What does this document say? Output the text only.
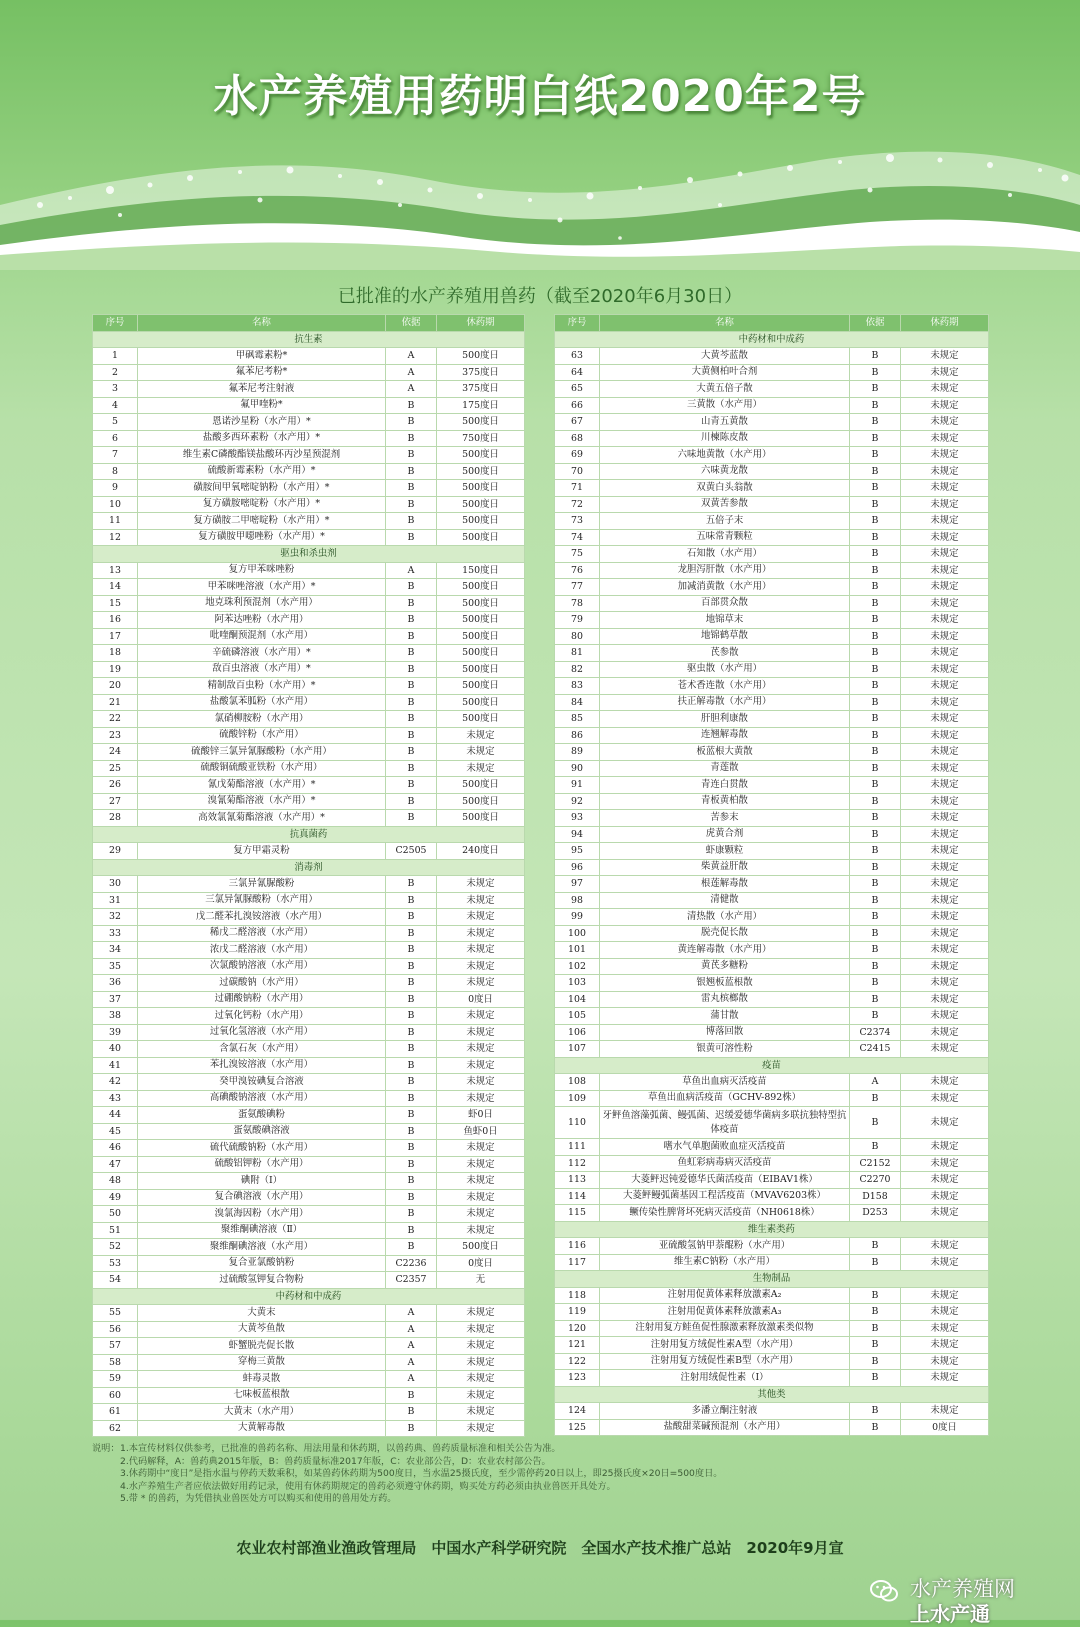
水产养殖用药明白纸2020年2号
已批准的水产养殖用兽药（截至2020年6月30日）
序号	名称	依据	休药期
抗生素			
1	甲砜霉素粉*	A	500度日
2	氟苯尼考粉*	A	375度日
3	氟苯尼考注射液	A	375度日
4	氟甲喹粉*	B	175度日
5	恩诺沙星粉（水产用）*	B	500度日
6	盐酸多西环素粉（水产用）*	B	750度日
7	维生素C磷酸酯镁盐酸环丙沙星预混剂	B	500度日
8	硫酸新霉素粉（水产用）*	B	500度日
9	磺胺间甲氧嘧啶钠粉（水产用）*	B	500度日
10	复方磺胺嘧啶粉（水产用）*	B	500度日
11	复方磺胺二甲嘧啶粉（水产用）*	B	500度日
12	复方磺胺甲噁唑粉（水产用）*	B	500度日
驱虫和杀虫剂			
13	复方甲苯咪唑粉	A	150度日
14	甲苯咪唑溶液（水产用）*	B	500度日
15	地克珠利预混剂（水产用）	B	500度日
16	阿苯达唑粉（水产用）	B	500度日
17	吡喹酮预混剂（水产用）	B	500度日
18	辛硫磷溶液（水产用）*	B	500度日
19	敌百虫溶液（水产用）*	B	500度日
20	精制敌百虫粉（水产用）*	B	500度日
21	盐酸氯苯胍粉（水产用）	B	500度日
22	氯硝柳胺粉（水产用）	B	500度日
23	硫酸锌粉（水产用）	B	未规定
24	硫酸锌三氯异氰脲酸粉（水产用）	B	未规定
25	硫酸铜硫酸亚铁粉（水产用）	B	未规定
26	氰戊菊酯溶液（水产用）*	B	500度日
27	溴氰菊酯溶液（水产用）*	B	500度日
28	高效氯氰菊酯溶液（水产用）*	B	500度日
抗真菌药			
29	复方甲霜灵粉	C2505	240度日
消毒剂			
30	三氯异氰脲酸粉	B	未规定
31	三氯异氰脲酸粉（水产用）	B	未规定
32	戊二醛苯扎溴铵溶液（水产用）	B	未规定
33	稀戊二醛溶液（水产用）	B	未规定
34	浓戊二醛溶液（水产用）	B	未规定
35	次氯酸钠溶液（水产用）	B	未规定
36	过碳酸钠（水产用）	B	未规定
37	过硼酸钠粉（水产用）	B	0度日
38	过氧化钙粉（水产用）	B	未规定
39	过氧化氢溶液（水产用）	B	未规定
40	含氯石灰（水产用）	B	未规定
41	苯扎溴铵溶液（水产用）	B	未规定
42	癸甲溴铵碘复合溶液	B	未规定
43	高碘酸钠溶液（水产用）	B	未规定
44	蛋氨酸碘粉	B	虾0日
45	蛋氨酸碘溶液	B	鱼虾0日
46	硫代硫酸钠粉（水产用）	B	未规定
47	硫酸铝钾粉（水产用）	B	未规定
48	碘附（Ⅰ）	B	未规定
49	复合碘溶液（水产用）	B	未规定
50	溴氯海因粉（水产用）	B	未规定
51	聚维酮碘溶液（Ⅱ）	B	未规定
52	聚维酮碘溶液（水产用）	B	500度日
53	复合亚氯酸钠粉	C2236	0度日
54	过硫酸氢钾复合物粉	C2357	无
中药材和中成药			
55	大黄末	A	未规定
56	大黄芩鱼散	A	未规定
57	虾蟹脱壳促长散	A	未规定
58	穿梅三黄散	A	未规定
59	蚌毒灵散	A	未规定
60	七味板蓝根散	B	未规定
61	大黄末（水产用）	B	未规定
62	大黄解毒散	B	未规定
序号	名称	依据	休药期
中药材和中成药			
63	大黄芩蓝散	B	未规定
64	大黄侧柏叶合剂	B	未规定
65	大黄五倍子散	B	未规定
66	三黄散（水产用）	B	未规定
67	山青五黄散	B	未规定
68	川楝陈皮散	B	未规定
69	六味地黄散（水产用）	B	未规定
70	六味黄龙散	B	未规定
71	双黄白头翁散	B	未规定
72	双黄苦参散	B	未规定
73	五倍子末	B	未规定
74	五味常青颗粒	B	未规定
75	石知散（水产用）	B	未规定
76	龙胆泻肝散（水产用）	B	未规定
77	加减消黄散（水产用）	B	未规定
78	百部贯众散	B	未规定
79	地锦草末	B	未规定
80	地锦鹤草散	B	未规定
81	芪参散	B	未规定
82	驱虫散（水产用）	B	未规定
83	苍术香连散（水产用）	B	未规定
84	扶正解毒散（水产用）	B	未规定
85	肝胆利康散	B	未规定
86	连翘解毒散	B	未规定
89	板蓝根大黄散	B	未规定
90	青莲散	B	未规定
91	青连白贯散	B	未规定
92	青板黄柏散	B	未规定
93	苦参末	B	未规定
94	虎黄合剂	B	未规定
95	虾康颗粒	B	未规定
96	柴黄益肝散	B	未规定
97	根莲解毒散	B	未规定
98	清健散	B	未规定
99	清热散（水产用）	B	未规定
100	脱壳促长散	B	未规定
101	黄连解毒散（水产用）	B	未规定
102	黄芪多糖粉	B	未规定
103	银翘板蓝根散	B	未规定
104	雷丸槟榔散	B	未规定
105	蒲甘散	B	未规定
106	博落回散	C2374	未规定
107	银黄可溶性粉	C2415	未规定
疫苗			
108	草鱼出血病灭活疫苗	A	未规定
109	草鱼出血病活疫苗（GCHV-892株）	B	未规定
110	牙鲆鱼溶藻弧菌、鳗弧菌、迟缓爱德华菌病多联抗独特型抗体疫苗	B	未规定
111	嗜水气单胞菌败血症灭活疫苗	B	未规定
112	鱼虹彩病毒病灭活疫苗	C2152	未规定
113	大菱鲆迟钝爱德华氏菌活疫苗（EIBAV1株）	C2270	未规定
114	大菱鲆鳗弧菌基因工程活疫苗（MVAV6203株）	D158	未规定
115	鳜传染性脾肾坏死病灭活疫苗（NH0618株）	D253	未规定
维生素类药			
116	亚硫酸氢钠甲萘醌粉（水产用）	B	未规定
117	维生素C钠粉（水产用）	B	未规定
生物制品			
118	注射用促黄体素释放激素A₂	B	未规定
119	注射用促黄体素释放激素A₃	B	未规定
120	注射用复方鲑鱼促性腺激素释放激素类似物	B	未规定
121	注射用复方绒促性素A型（水产用）	B	未规定
122	注射用复方绒促性素B型（水产用）	B	未规定
123	注射用绒促性素（Ⅰ）	B	未规定
其他类			
124	多潘立酮注射液	B	未规定
125	盐酸甜菜碱预混剂（水产用）	B	0度日
说明：1.本宣传材料仅供参考，已批准的兽药名称、用法用量和休药期，以兽药典、兽药质量标准和相关公告为准。
2.代码解释，A：兽药典2015年版，B：兽药质量标准2017年版，C：农业部公告，D：农业农村部公告。
3.休药期中“度日”是指水温与停药天数乘积，如某兽药休药期为500度日，当水温25摄氏度，至少需停药20日以上，即25摄氏度×20日=500度日。
4.水产养殖生产者应依法做好用药记录，使用有休药期规定的兽药必须遵守休药期，购买处方药必须由执业兽医开具处方。
5.带 * 的兽药，为凭借执业兽医处方可以购买和使用的兽用处方药。
农业农村部渔业渔政管理局　中国水产科学研究院　全国水产技术推广总站　2020年9月宣
水产养殖网
上水产通
